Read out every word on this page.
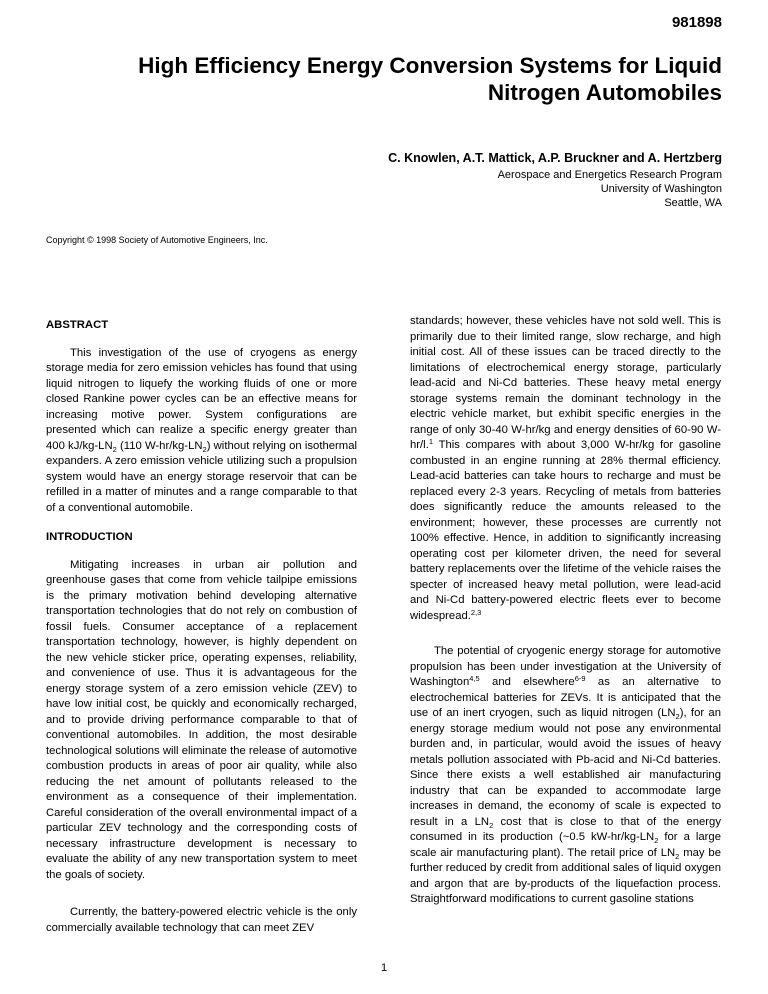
981898
High Efficiency Energy Conversion Systems for Liquid Nitrogen Automobiles
C. Knowlen, A.T. Mattick, A.P. Bruckner and A. Hertzberg
Aerospace and Energetics Research Program
University of Washington
Seattle, WA
Copyright © 1998 Society of Automotive Engineers, Inc.
ABSTRACT

This investigation of the use of cryogens as energy storage media for zero emission vehicles has found that using liquid nitrogen to liquefy the working fluids of one or more closed Rankine power cycles can be an effective means for increasing motive power. System configurations are presented which can realize a specific energy greater than 400 $kJ/kg-LN_2$ (110 $W-hr/kg-LN_2$) without relying on isothermal expanders. A zero emission vehicle utilizing such a propulsion system would have an energy storage reservoir that can be refilled in a matter of minutes and a range comparable to that of a conventional automobile.

INTRODUCTION

Mitigating increases in urban air pollution and greenhouse gases that come from vehicle tailpipe emissions is the primary motivation behind developing alternative transportation technologies that do not rely on combustion of fossil fuels. Consumer acceptance of a replacement transportation technology, however, is highly dependent on the new vehicle sticker price, operating expenses, reliability, and convenience of use. Thus it is advantageous for the energy storage system of a zero emission vehicle (ZEV) to have low initial cost, be quickly and economically recharged, and to provide driving performance comparable to that of conventional automobiles. In addition, the most desirable technological solutions will eliminate the release of automotive combustion products in areas of poor air quality, while also reducing the net amount of pollutants released to the environment as a consequence of their implementation. Careful consideration of the overall environmental impact of a particular ZEV technology and the corresponding costs of necessary infrastructure development is necessary to evaluate the ability of any new transportation system to meet the goals of society.

Currently, the battery-powered electric vehicle is the only commercially available technology that can meet ZEV

standards; however, these vehicles have not sold well. This is primarily due to their limited range, slow recharge, and high initial cost. All of these issues can be traced directly to the limitations of electrochemical energy storage, particularly lead-acid and Ni-Cd batteries. These heavy metal energy storage systems remain the dominant technology in the electric vehicle market, but exhibit specific energies in the range of only 30-40 W-hr/kg and energy densities of 60-90 W-hr/l.$^1$ This compares with about 3,000 W-hr/kg for gasoline combusted in an engine running at 28% thermal efficiency. Lead-acid batteries can take hours to recharge and must be replaced every 2-3 years. Recycling of metals from batteries does significantly reduce the amounts released to the environment; however, these processes are currently not 100% effective. Hence, in addition to significantly increasing operating cost per kilometer driven, the need for several battery replacements over the lifetime of the vehicle raises the specter of increased heavy metal pollution, were lead-acid and Ni-Cd battery-powered electric fleets ever to become widespread.$^{2,3}$

The potential of cryogenic energy storage for automotive propulsion has been under investigation at the University of Washington$^{4,5}$ and elsewhere$^{6-9}$ as an alternative to electrochemical batteries for ZEVs. It is anticipated that the use of an inert cryogen, such as liquid nitrogen $(LN_2)$, for an energy storage medium would not pose any environmental burden and, in particular, would avoid the issues of heavy metals pollution associated with Pb-acid and Ni-Cd batteries. Since there exists a well established air manufacturing industry that can be expanded to accommodate large increases in demand, the economy of scale is expected to result in a $LN_2$ cost that is close to that of the energy consumed in its production (~0.5 $kW-hr/kg-LN_2$ for a large scale air manufacturing plant). The retail price of $LN_2$ may be further reduced by credit from additional sales of liquid oxygen and argon that are by-products of the liquefaction process. Straightforward modifications to current gasoline stations

1
